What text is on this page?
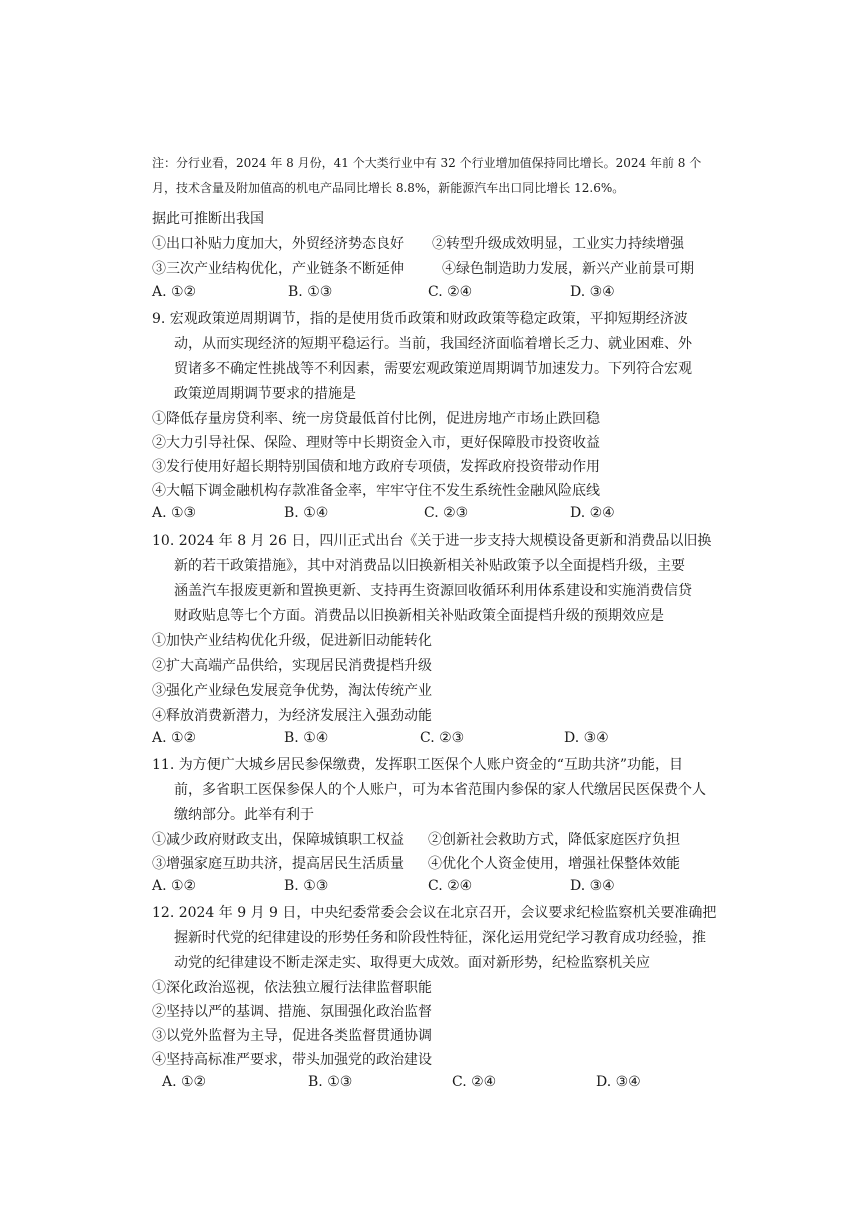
注：分行业看，2024 年 8 月份，41 个大类行业中有 32 个行业增加值保持同比增长。2024 年前 8 个
月，技术含量及附加值高的机电产品同比增长 8.8%，新能源汽车出口同比增长 12.6%。
据此可推断出我国
①出口补贴力度加大，外贸经济势态良好 ②转型升级成效明显，工业实力持续增强
③三次产业结构优化，产业链条不断延伸	④绿色制造助力发展，新兴产业前景可期
A. ①②	B. ①③	C. ②④	D. ③④
9. 宏观政策逆周期调节，指的是使用货币政策和财政政策等稳定政策，平抑短期经济波
动，从而实现经济的短期平稳运行。当前，我国经济面临着增长乏力、就业困难、外
贸诸多不确定性挑战等不利因素，需要宏观政策逆周期调节加速发力。下列符合宏观
政策逆周期调节要求的措施是
①降低存量房贷利率、统一房贷最低首付比例，促进房地产市场止跌回稳
②大力引导社保、保险、理财等中长期资金入市，更好保障股市投资收益
③发行使用好超长期特别国债和地方政府专项债，发挥政府投资带动作用
④大幅下调金融机构存款准备金率，牢牢守住不发生系统性金融风险底线
A. ①③	B. ①④	C. ②③	D. ②④
10. 2024 年 8 月 26 日，四川正式出台《关于进一步支持大规模设备更新和消费品以旧换
新的若干政策措施》，其中对消费品以旧换新相关补贴政策予以全面提档升级，主要
涵盖汽车报废更新和置换更新、支持再生资源回收循环利用体系建设和实施消费信贷
财政贴息等七个方面。消费品以旧换新相关补贴政策全面提档升级的预期效应是
①加快产业结构优化升级，促进新旧动能转化
②扩大高端产品供给，实现居民消费提档升级
③强化产业绿色发展竞争优势，淘汰传统产业
④释放消费新潜力，为经济发展注入强劲动能
A. ①②	B. ①④	C. ②③	D. ③④
11. 为方便广大城乡居民参保缴费，发挥职工医保个人账户资金的“互助共济”功能，目
前，多省职工医保参保人的个人账户，可为本省范围内参保的家人代缴居民医保费个人
缴纳部分。此举有利于
①减少政府财政支出，保障城镇职工权益 ②创新社会救助方式，降低家庭医疗负担
③增强家庭互助共济，提高居民生活质量 ④优化个人资金使用，增强社保整体效能
A. ①②	B. ①③	C. ②④	D. ③④
12. 2024 年 9 月 9 日，中央纪委常委会会议在北京召开，会议要求纪检监察机关要准确把
握新时代党的纪律建设的形势任务和阶段性特征，深化运用党纪学习教育成功经验，推
动党的纪律建设不断走深走实、取得更大成效。面对新形势，纪检监察机关应
①深化政治巡视，依法独立履行法律监督职能
②坚持以严的基调、措施、氛围强化政治监督
③以党外监督为主导，促进各类监督贯通协调
④坚持高标准严要求，带头加强党的政治建设
A. ①②	B. ①③	C. ②④	D. ③④
